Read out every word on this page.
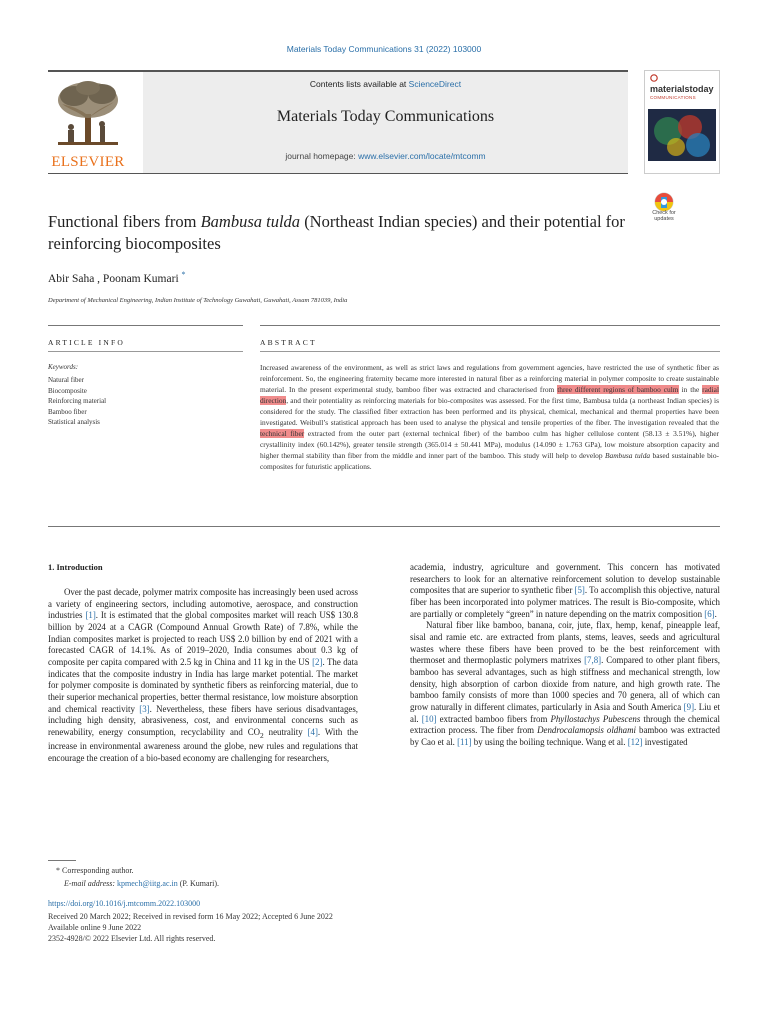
Materials Today Communications 31 (2022) 103000
ELSEVIER
Contents lists available at ScienceDirect
Materials Today Communications
journal homepage: www.elsevier.com/locate/mtcomm
materialstoday
COMMUNICATIONS
Functional fibers from Bambusa tulda (Northeast Indian species) and their potential for reinforcing biocomposites
Check for
updates
Abir Saha , Poonam Kumari *
Department of Mechanical Engineering, Indian Institute of Technology Guwahati, Guwahati, Assam 781039, India
ARTICLE INFO
Keywords:
Natural fiber
Biocomposite
Reinforcing material
Bamboo fiber
Statistical analysis
ABSTRACT
Increased awareness of the environment, as well as strict laws and regulations from government agencies, have restricted the use of synthetic fiber as reinforcement. So, the engineering fraternity became more interested in natural fiber as a reinforcing material in polymer composite to create sustainable material. In the present experimental study, bamboo fiber was extracted and characterised from three different regions of bamboo culm in the radial direction, and their potentiality as reinforcing materials for bio-composites was assessed. For the first time, Bambusa tulda (a northeast Indian species) is considered for the study. The classified fiber extraction has been performed and its physical, chemical, mechanical and thermal properties have been investigated. Weibull’s statistical approach has been used to analyse the physical and tensile properties of the fiber. The investigation revealed that the technical fiber extracted from the outer part (external technical fiber) of the bamboo culm has higher cellulose content (58.13 ± 3.51%), higher crystallinity index (60.142%), greater tensile strength (365.014 ± 50.441 MPa), modulus (14.090 ± 1.763 GPa), low moisture absorption capacity and higher thermal stability than fiber from the middle and inner part of the bamboo. This study will help to develop Bambusa tulda based sustainable bio-composites for futuristic applications.
1. Introduction

Over the past decade, polymer matrix composite has increasingly been used across a variety of engineering sectors, including automotive, aerospace, and construction industries [1]. It is estimated that the global composites market will reach US$ 130.8 billion by 2024 at a CAGR (Compound Annual Growth Rate) of 7.8%, while the Indian composites market is projected to reach US$ 2.0 billion by end of 2021 with a forecasted CAGR of 14.1%. As of 2019–2020, India consumes about 0.3 kg of composite per capita compared with 2.5 kg in China and 11 kg in the US [2]. The data indicates that the composite industry in India has large market potential. The market for polymer composite is dominated by synthetic fibers as reinforcing material, due to their superior mechanical properties, better thermal resistance, low moisture absorption and chemical reactivity [3]. Nevertheless, these fibers have serious disadvantages, including high density, abrasiveness, cost, and environmental concerns such as renewability, energy consumption, recyclability and $CO_2$ neutrality [4]. With the increase in environmental awareness around the globe, new rules and regulations that encourage the creation of a bio-based economy are challenging for researchers,

academia, industry, agriculture and government. This concern has motivated researchers to look for an alternative reinforcement solution to develop sustainable composites that are superior to synthetic fiber [5]. To accomplish this objective, natural fiber has been incorporated into polymer matrices. The result is Bio-composite, which are partially or completely “green” in nature depending on the matrix composition [6].

Natural fiber like bamboo, banana, coir, jute, flax, hemp, kenaf, pineapple leaf, sisal and ramie etc. are extracted from plants, stems, leaves, seeds and agricultural wastes where these fibers have been proved to be the best reinforcement with thermoset and thermoplastic polymers matrixes [7,8]. Compared to other plant fibers, bamboo has several advantages, such as high stiffness and mechanical strength, low density, high absorption of carbon dioxide from nature, and high growth rate. The bamboo family consists of more than 1000 species and 70 genera, all of which can grow naturally in different climates, particularly in Asia and South America [9]. Liu et al. [10] extracted bamboo fibers from Phyllostachys Pubescens through the chemical extraction process. The fiber from Dendrocalamopsis oldhami bamboo was extracted by Cao et al. [11] by using the boiling technique. Wang et al. [12] investigated

* Corresponding author.
E-mail address: kpmech@iitg.ac.in (P. Kumari).
https://doi.org/10.1016/j.mtcomm.2022.103000
Received 20 March 2022; Received in revised form 16 May 2022; Accepted 6 June 2022
Available online 9 June 2022
2352-4928/© 2022 Elsevier Ltd. All rights reserved.
